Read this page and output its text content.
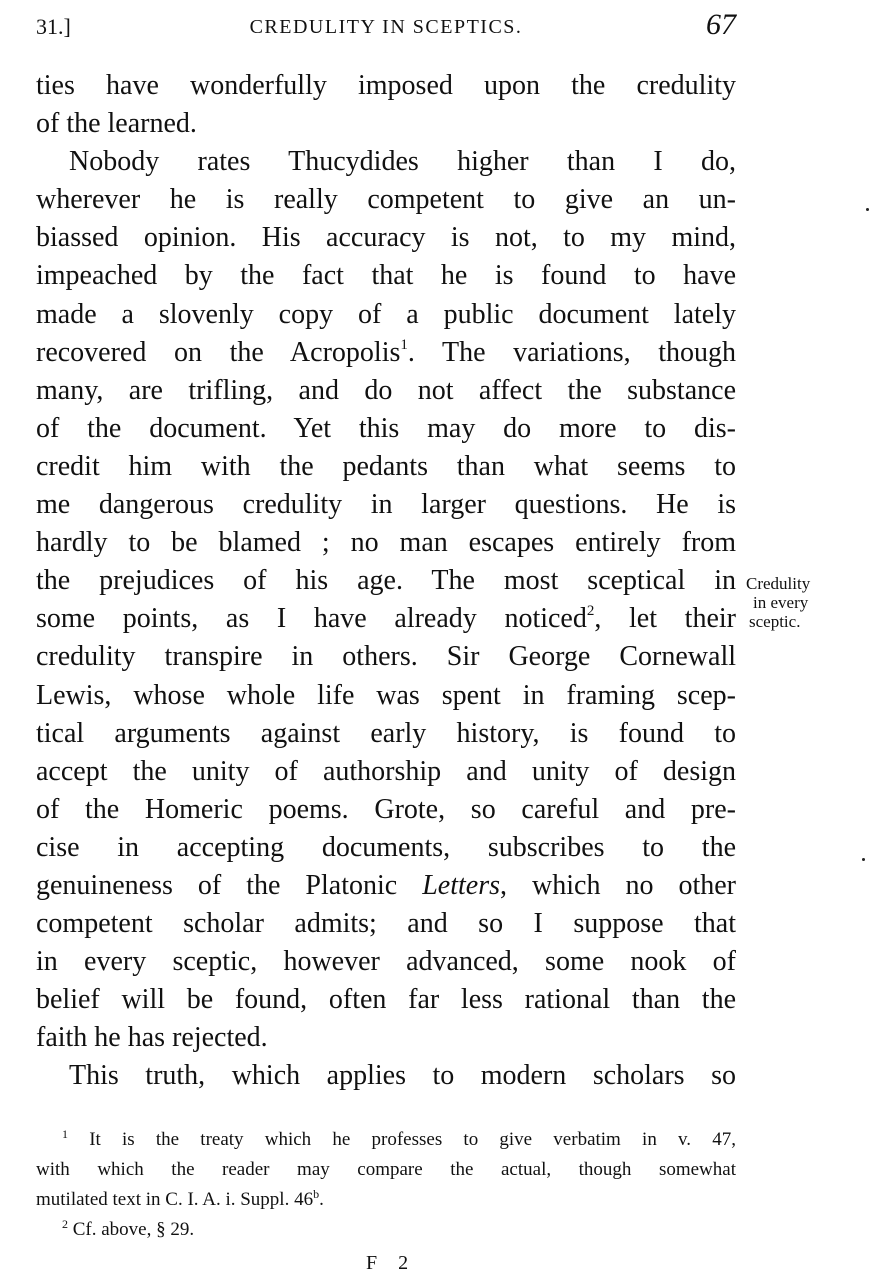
31.]	CREDULITY IN SCEPTICS.	67
ties have wonderfully imposed upon the credulity
of the learned.
Nobody rates Thucydides higher than I do,
wherever he is really competent to give an un-
biassed opinion. His accuracy is not, to my mind,
impeached by the fact that he is found to have
made a slovenly copy of a public document lately
recovered on the Acropolis$^1$. The variations, though
many, are trifling, and do not affect the substance
of the document. Yet this may do more to dis-
credit him with the pedants than what seems to
me dangerous credulity in larger questions. He is
hardly to be blamed ; no man escapes entirely from
the prejudices of his age. The most sceptical in
some points, as I have already noticed$^2$, let their
credulity transpire in others. Sir George Cornewall
Lewis, whose whole life was spent in framing scep-
tical arguments against early history, is found to
accept the unity of authorship and unity of design
of the Homeric poems. Grote, so careful and pre-
cise in accepting documents, subscribes to the
genuineness of the Platonic Letters, which no other
competent scholar admits; and so I suppose that
in every sceptic, however advanced, some nook of
belief will be found, often far less rational than the
faith he has rejected.
This truth, which applies to modern scholars so
Credulity
in every
sceptic.
$^1$ It is the treaty which he professes to give verbatim in v. 47,
with which the reader may compare the actual, though somewhat
mutilated text in C. I. A. i. Suppl. 46$^b$.
$^2$ Cf. above, § 29.
F 2
